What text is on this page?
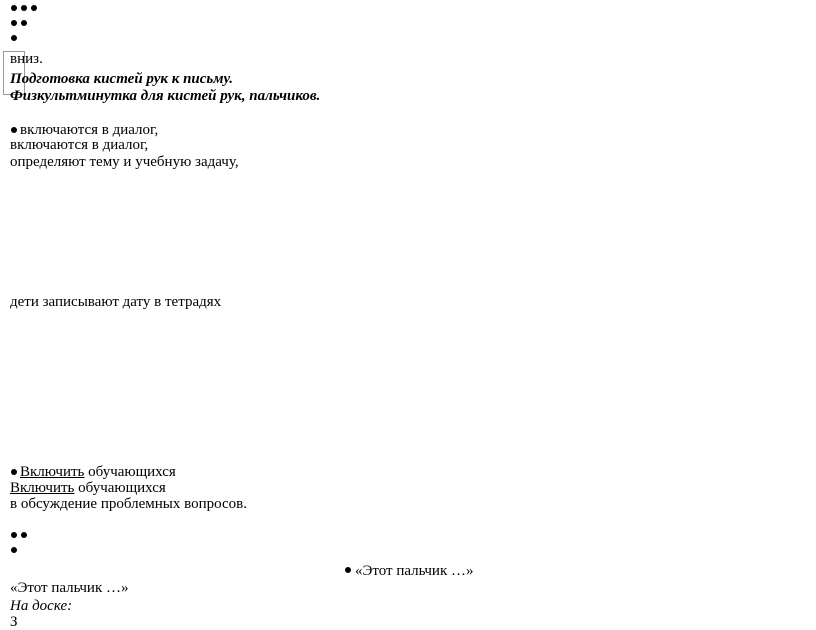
вниз.
Подготовка кистей рук к письму.
Физкультминутка для кистей рук, пальчиков.
включаются в диалог,
включаются в диалог,
определяют тему и учебную задачу,
дети записывают дату в тетрадях
Включить обучающихся
Включить обучающихся
в обсуждение проблемных вопросов.
«Этот пальчик …»
«Этот пальчик …»
На доске:
З
